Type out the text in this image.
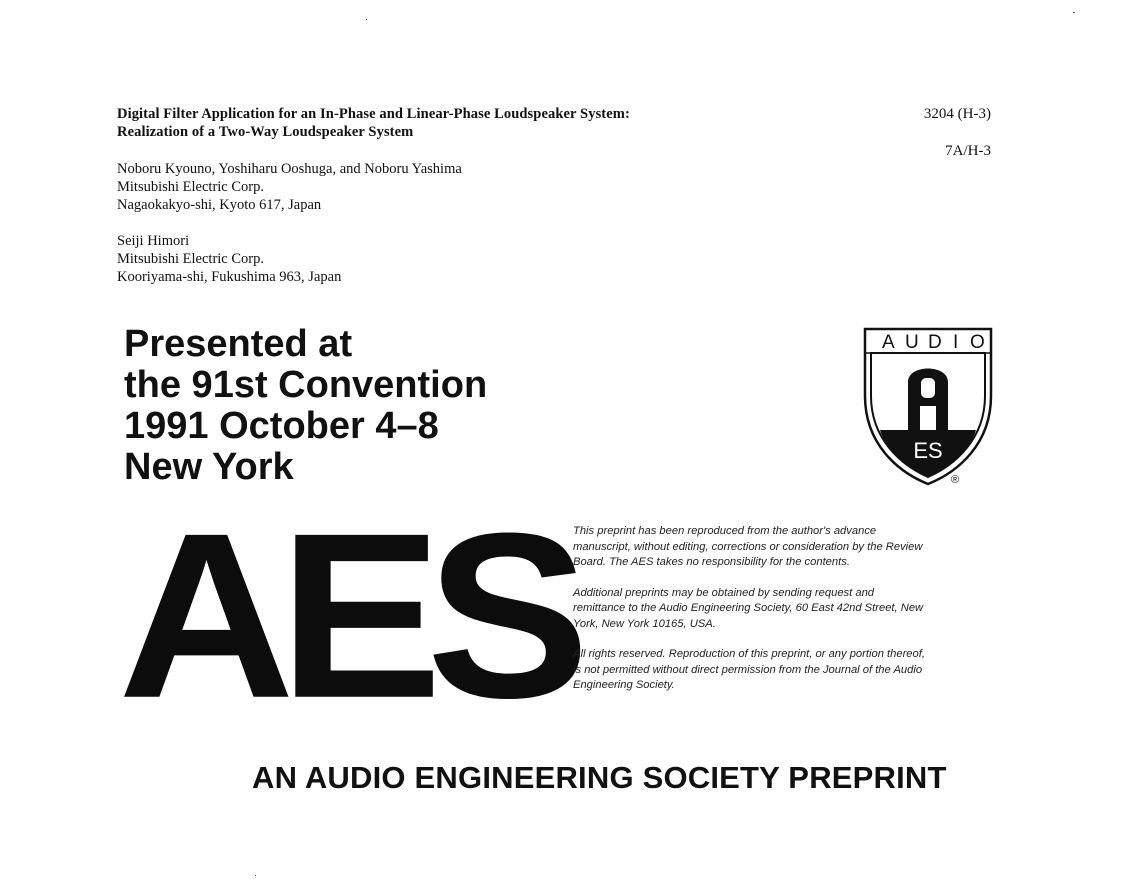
Digital Filter Application for an In-Phase and Linear-Phase Loudspeaker System:
Realization of a Two-Way Loudspeaker System
3204 (H-3)
7A/H-3
Noboru Kyouno, Yoshiharu Ooshuga, and Noboru Yashima
Mitsubishi Electric Corp.
Nagaokakyo-shi, Kyoto 617, Japan
Seiji Himori
Mitsubishi Electric Corp.
Kooriyama-shi, Fukushima 963, Japan
Presented at
the 91st Convention
1991 October 4–8
New York
A U D I O
ES
®
AES This preprint has been reproduced from the author's advance manuscript, without editing, corrections or consideration by the Review Board. The AES takes no responsibility for the contents.

Additional preprints may be obtained by sending request and remittance to the Audio Engineering Society, 60 East 42nd Street, New York, New York 10165, USA.

All rights reserved. Reproduction of this preprint, or any portion thereof, is not permitted without direct permission from the Journal of the Audio Engineering Society.

AN AUDIO ENGINEERING SOCIETY PREPRINT
